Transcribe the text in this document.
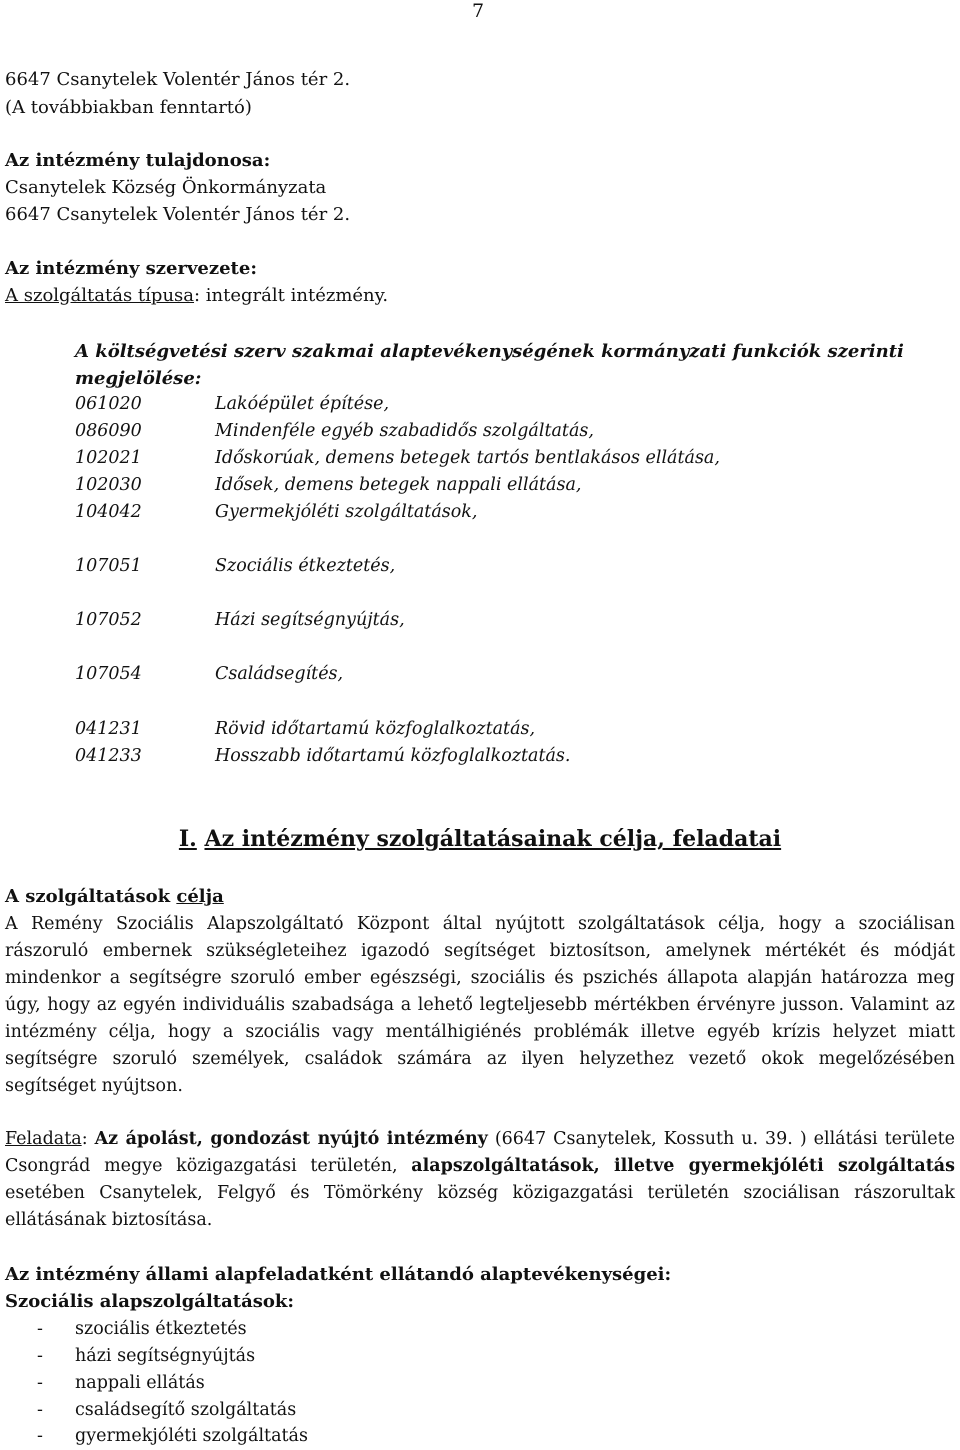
7
6647 Csanytelek Volentér János tér 2.
(A továbbiakban fenntartó)
Az intézmény tulajdonosa:
Csanytelek Község Önkormányzata
6647 Csanytelek Volentér János tér 2.
Az intézmény szervezete:
A szolgáltatás típusa: integrált intézmény.
A költségvetési szerv szakmai alaptevékenységének kormányzati funkciók szerinti megjelölése:
061020	Lakóépület építése,
086090	Mindenféle egyéb szabadidős szolgáltatás,
102021	Időskorúak, demens betegek tartós bentlakásos ellátása,
102030	Idősek, demens betegek nappali ellátása,
104042	Gyermekjóléti szolgáltatások,
107051	Szociális étkeztetés,
107052	Házi segítségnyújtás,
107054	Családsegítés,
041231	Rövid időtartamú közfoglalkoztatás,
041233	Hosszabb időtartamú közfoglalkoztatás.
I. Az intézmény szolgáltatásainak célja, feladatai
A szolgáltatások célja
A Remény Szociális Alapszolgáltató Központ által nyújtott szolgáltatások célja, hogy a szociálisan rászoruló embernek szükségleteihez igazodó segítséget biztosítson, amelynek mértékét és módját mindenkor a segítségre szoruló ember egészségi, szociális és pszichés állapota alapján határozza meg úgy, hogy az egyén individuális szabadsága a lehető legteljesebb mértékben érvényre jusson. Valamint az intézmény célja, hogy a szociális vagy mentálhigiénés problémák illetve egyéb krízis helyzet miatt segítségre szoruló személyek, családok számára az ilyen helyzethez vezető okok megelőzésében segítséget nyújtson.
Feladata: Az ápolást, gondozást nyújtó intézmény (6647 Csanytelek, Kossuth u. 39. ) ellátási területe Csongrád megye közigazgatási területén, alapszolgáltatások, illetve gyermekjóléti szolgáltatás esetében Csanytelek, Felgyő és Tömörkény község közigazgatási területén szociálisan rászorultak ellátásának biztosítása.
Az intézmény állami alapfeladatként ellátandó alaptevékenységei:
Szociális alapszolgáltatások:
- szociális étkeztetés
- házi segítségnyújtás
- nappali ellátás
- családsegítő szolgáltatás
- gyermekjóléti szolgáltatás
